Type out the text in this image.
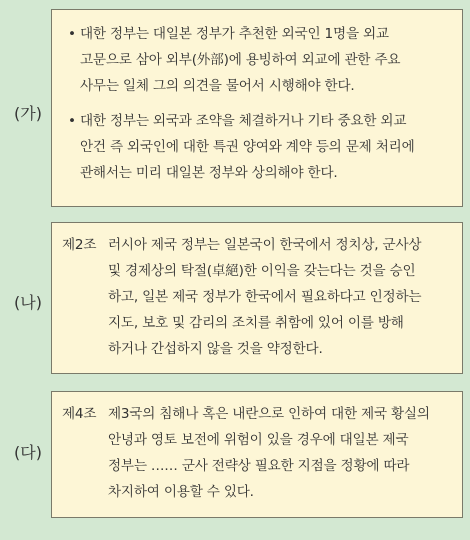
(가)
• 대한 정부는 대일본 정부가 추천한 외국인 1명을 외교
고문으로 삼아 외부(外部)에 용빙하여 외교에 관한 주요
사무는 일체 그의 의견을 물어서 시행해야 한다.
• 대한 정부는 외국과 조약을 체결하거나 기타 중요한 외교
안건 즉 외국인에 대한 특권 양여와 계약 등의 문제 처리에
관해서는 미리 대일본 정부와 상의해야 한다.
(나)
제2조 러시아 제국 정부는 일본국이 한국에서 정치상, 군사상
및 경제상의 탁절(卓絕)한 이익을 갖는다는 것을 승인
하고, 일본 제국 정부가 한국에서 필요하다고 인정하는
지도, 보호 및 감리의 조치를 취함에 있어 이를 방해
하거나 간섭하지 않을 것을 약정한다.
(다)
제4조 제3국의 침해나 혹은 내란으로 인하여 대한 제국 황실의
안녕과 영토 보전에 위험이 있을 경우에 대일본 제국
정부는 …… 군사 전략상 필요한 지점을 정황에 따라
차지하여 이용할 수 있다.
